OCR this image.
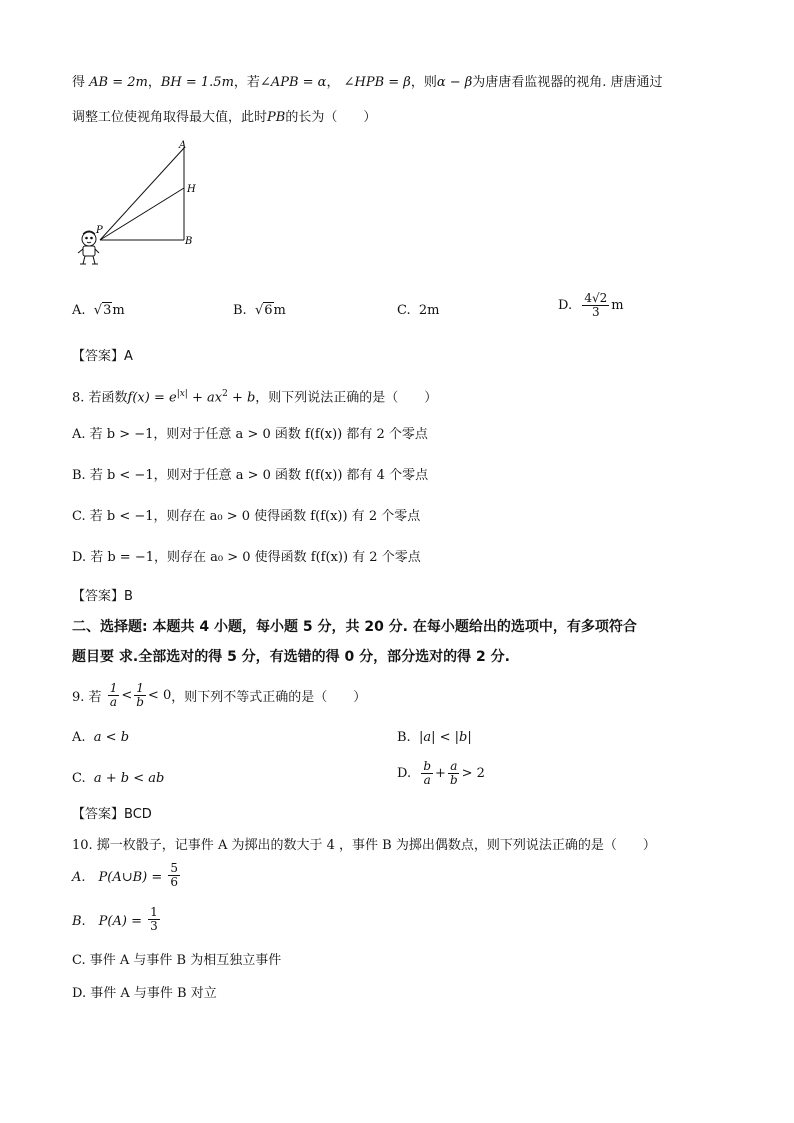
得 AB = 2m，BH = 1.5m，若∠APB = α， ∠HPB = β，则α − β为唐唐看监视器的视角. 唐唐通过
调整工位使视角取得最大值，此时PB的长为（　　）
A
H
B
P
A.  √3m	B.  √6m	C. 2m	D. $\frac{4√2}{3}$ m
【答案】A
8. 若函数$f(x) = e^{|x|} + ax^2 + b$，则下列说法正确的是（　　）
A. 若 b > −1，则对于任意 a > 0 函数 f(f(x)) 都有 2 个零点
B. 若 b < −1，则对于任意 a > 0 函数 f(f(x)) 都有 4 个零点
C. 若 b < −1，则存在 a₀ > 0 使得函数 f(f(x)) 有 2 个零点
D. 若 b = −1，则存在 a₀ > 0 使得函数 f(f(x)) 有 2 个零点
【答案】B
二、选择题: 本题共 4 小题，每小题 5 分，共 20 分. 在每小题给出的选项中，有多项符合
题目要 求.全部选对的得 5 分，有选错的得 0 分，部分选对的得 2 分.
9. 若 $\frac{1}{a} < \frac{1}{b} < 0$，则下列不等式正确的是（　　）
A. a < b	B. |a| < |b|
C. a + b < ab	D. $\frac{b}{a} + \frac{a}{b} > 2$
【答案】BCD
10. 掷一枚骰子，记事件 A 为掷出的数大于 4 ，事件 B 为掷出偶数点，则下列说法正确的是（　　）
A.　P(A∪B) = $\frac{5}{6}$
B.　$P(A) = \frac{1}{3}$
C. 事件 A 与事件 B 为相互独立事件
D. 事件 A 与事件 B 对立
